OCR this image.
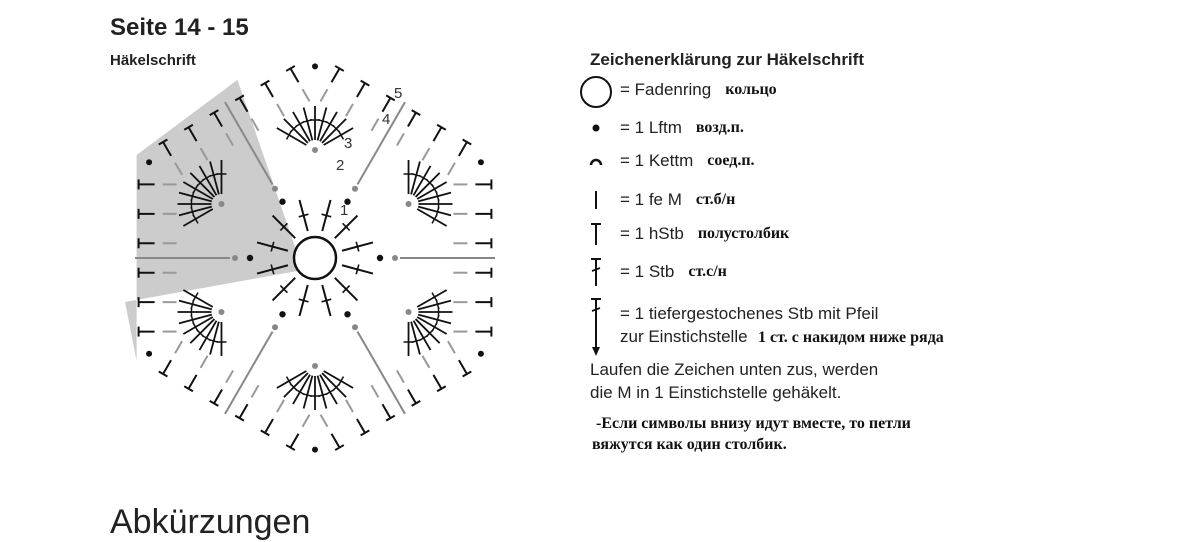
Seite 14 - 15
Häkelschrift
1
2
3
4
5
Zeichenerklärung zur Häkelschrift
= Fadenring кольцо
= 1 Lftm возд.п.
= 1 Kettm соед.п.
= 1 fe M ст.б/н
= 1 hStb полустолбик
= 1 Stb ст.с/н
= 1 tiefergestochenes Stb mit Pfeil
zur Einstichstelle 1 ст. с накидом ниже ряда
Laufen die Zeichen unten zus, werden
die M in 1 Einstichstelle gehäkelt.
-Если символы внизу идут вместе, то петли
вяжутся как один столбик.
Abkürzungen
